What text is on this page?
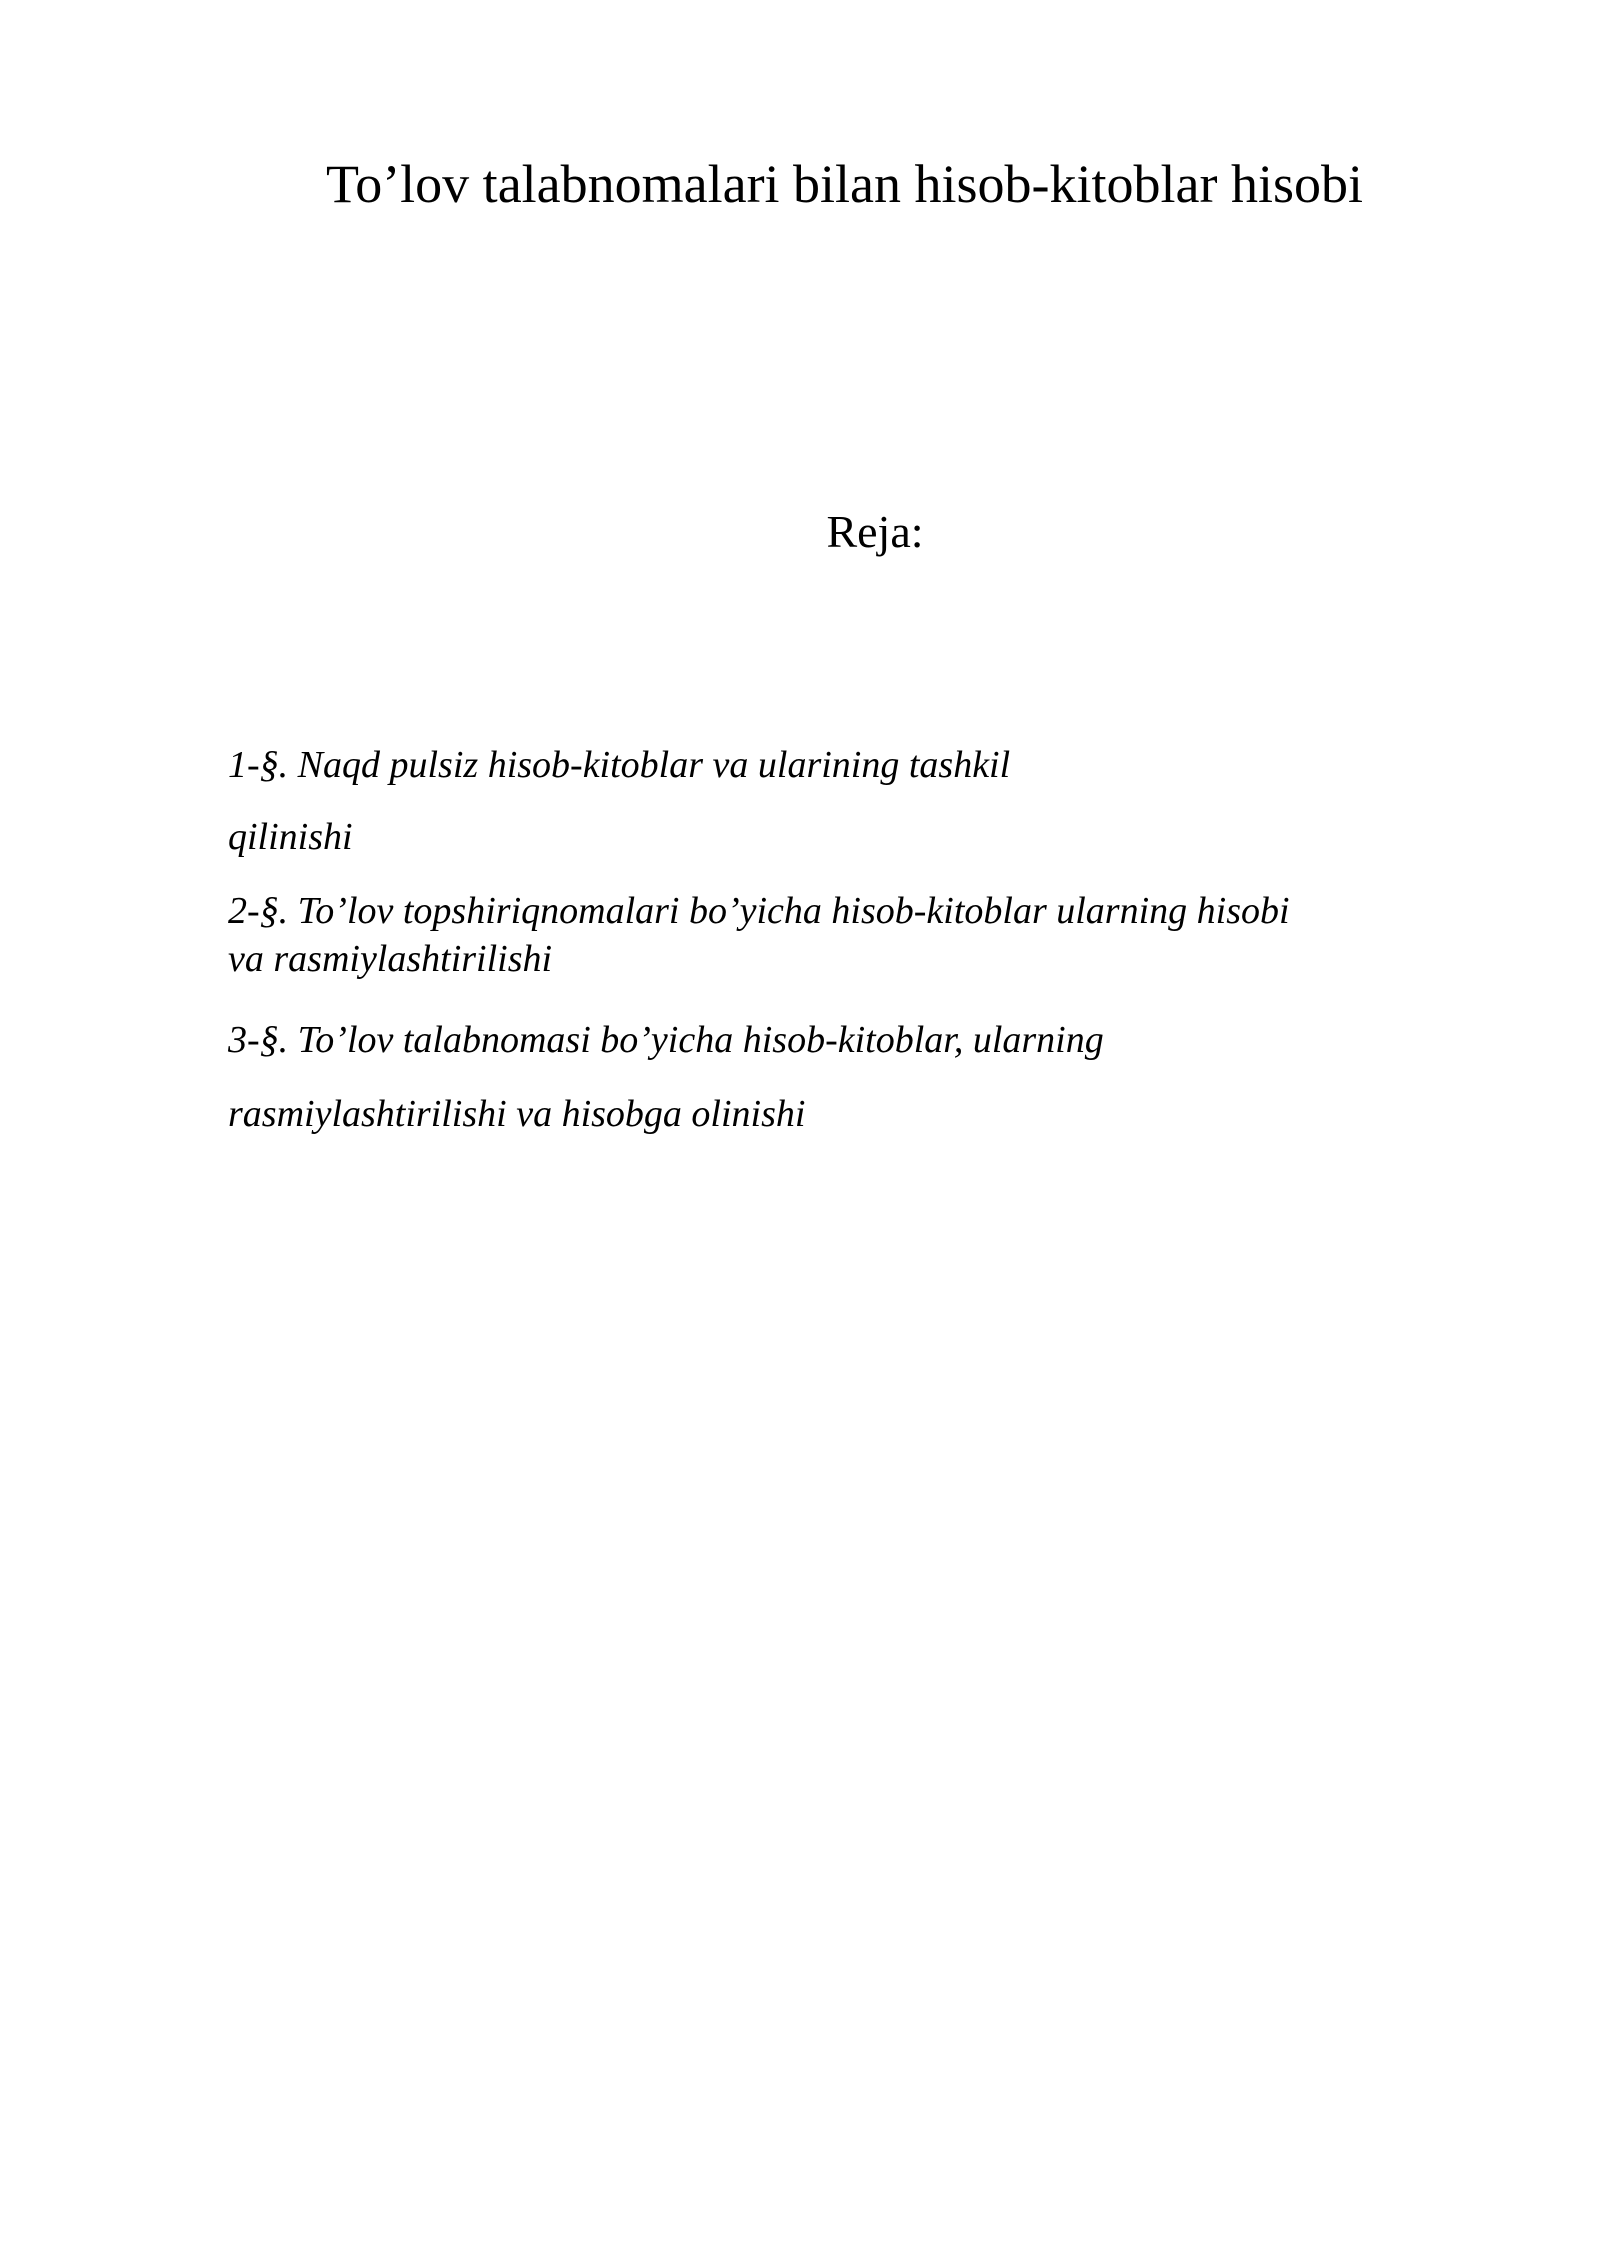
To’lov talabnomalari bilan hisob-kitoblar hisobi

Reja:

1-§. Naqd pulsiz hisob-kitoblar va ularining tashkil

qilinishi

2-§. To’lov topshiriqnomalari bo’yicha hisob-kitoblar ularning hisobi

va rasmiylashtirilishi

3-§. To’lov talabnomasi bo’yicha hisob-kitoblar, ularning

rasmiylashtirilishi va hisobga olinishi
